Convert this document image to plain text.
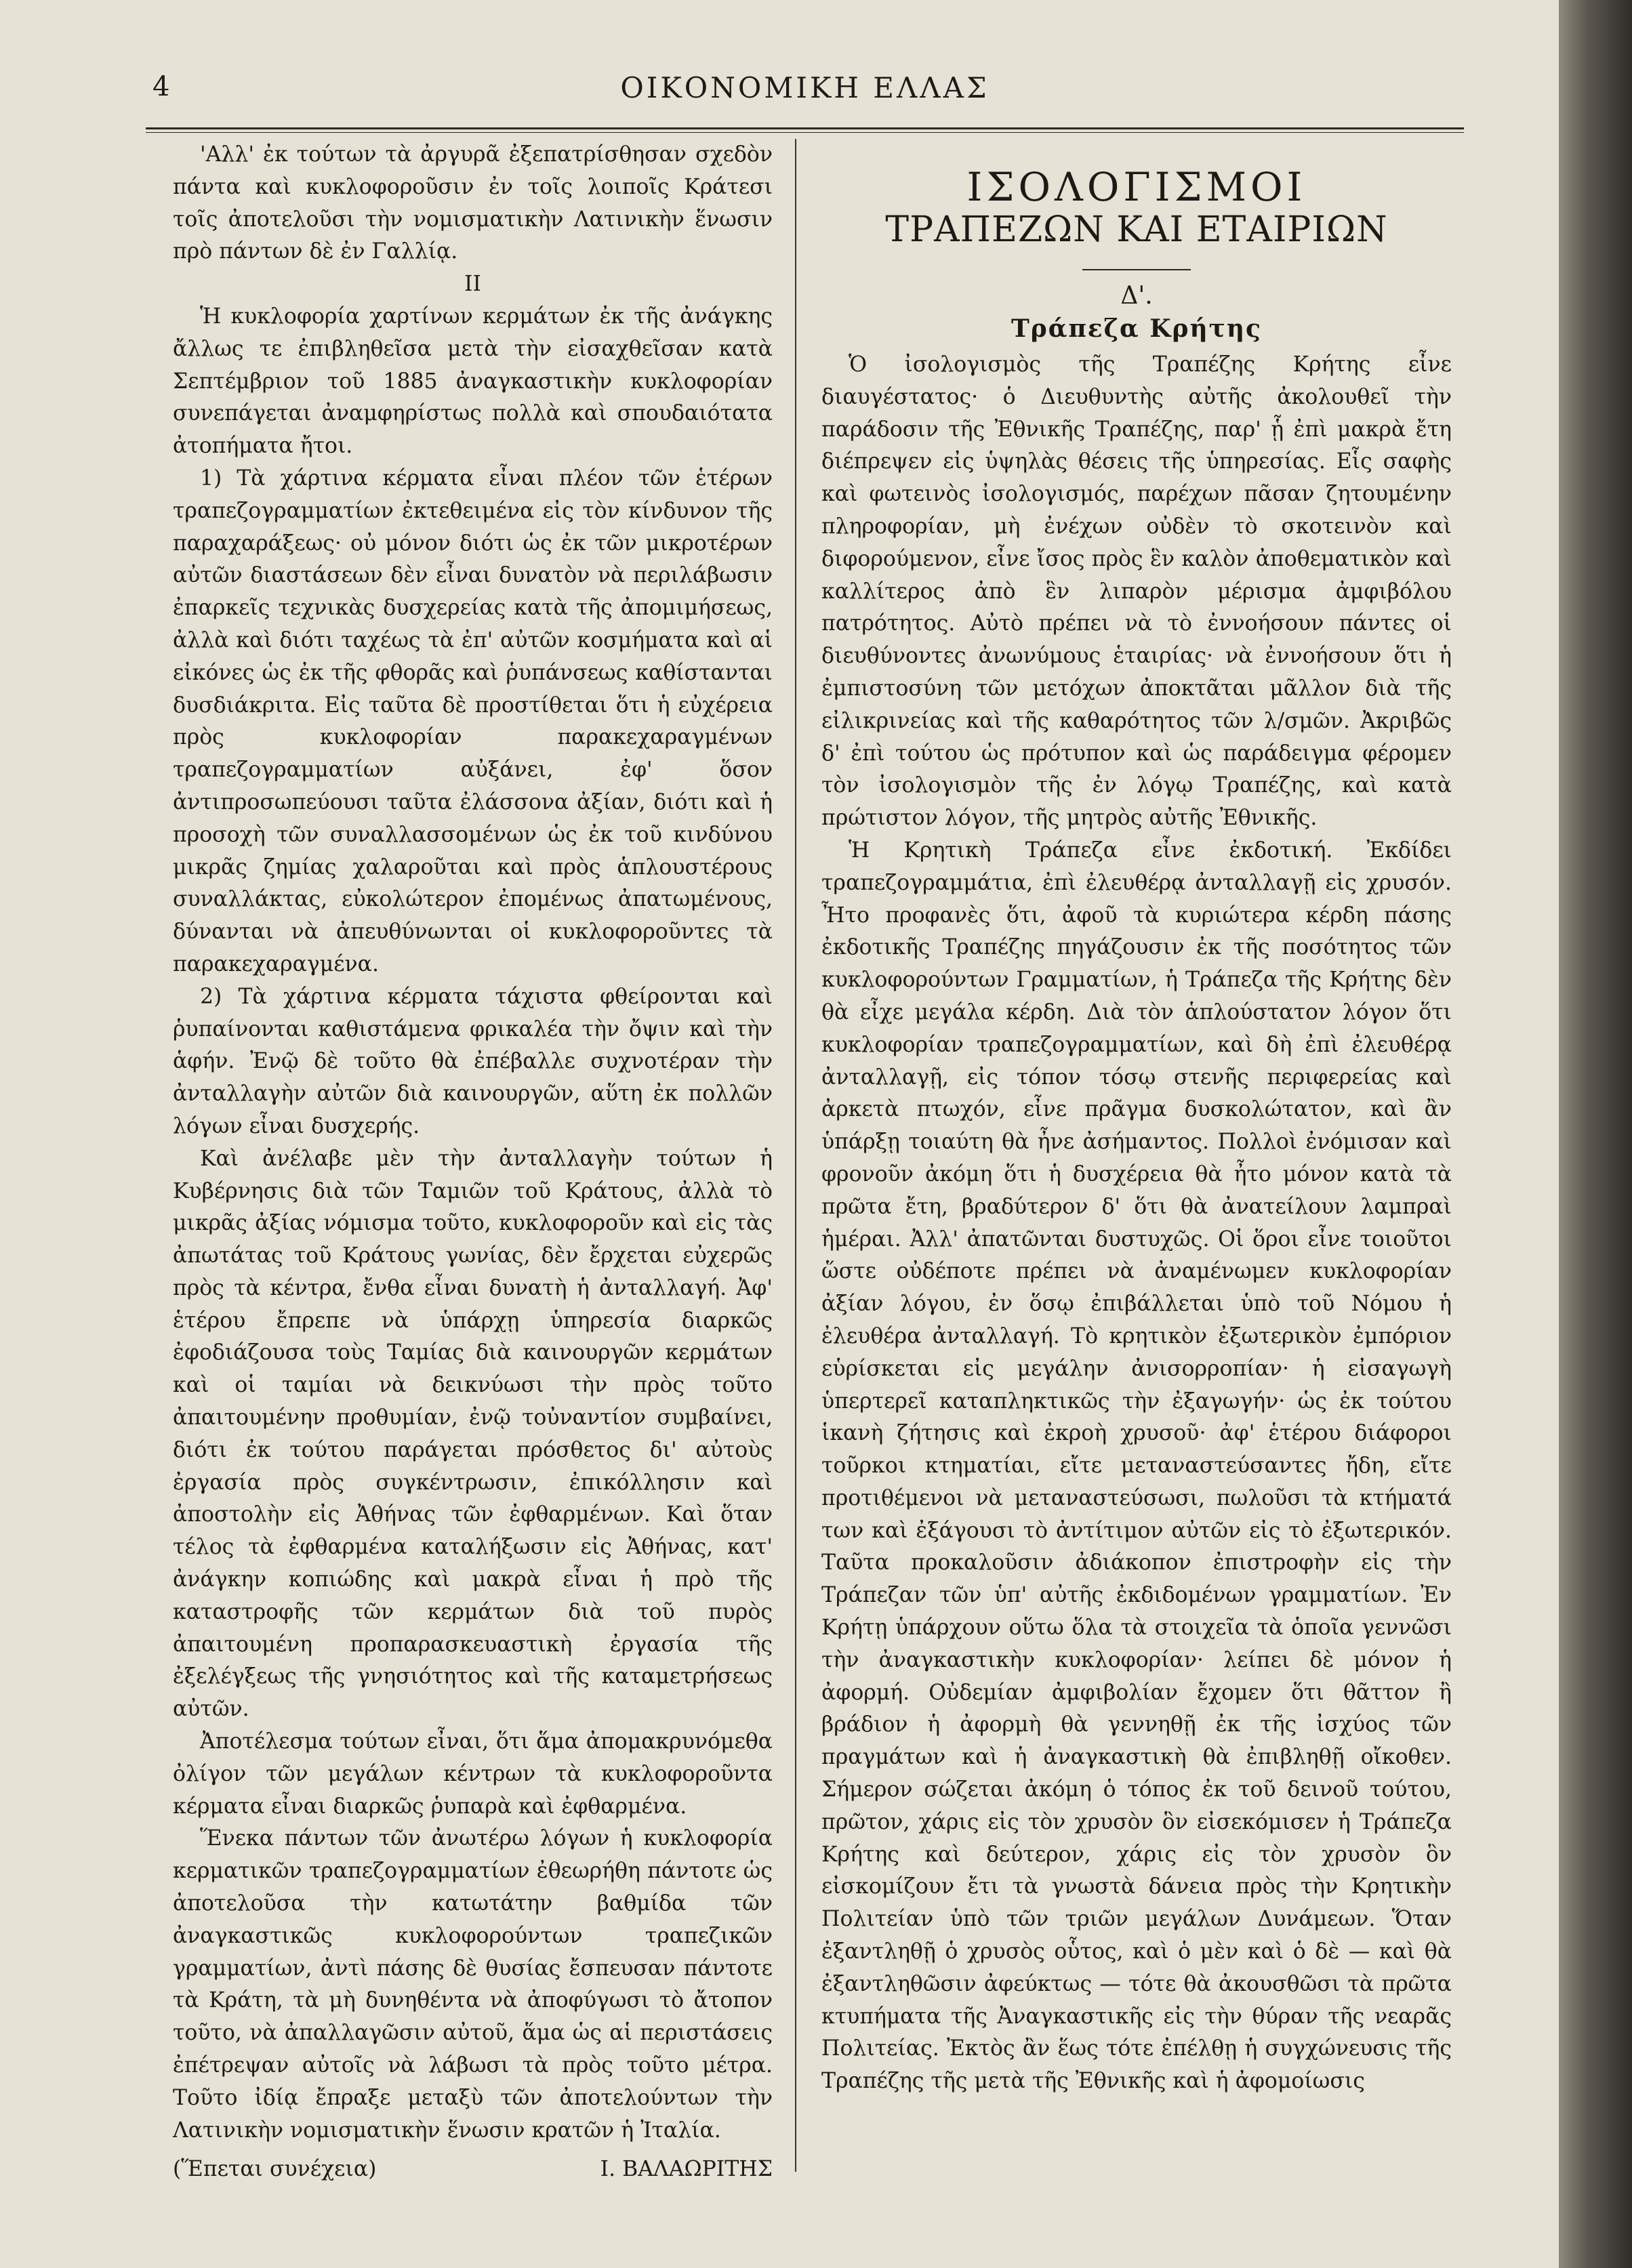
4	ΟΙΚΟΝΟΜΙΚΗ ΕΛΛΑΣ

'Αλλ' ἐκ τούτων τὰ ἀργυρᾶ ἐξεπατρίσθησαν σχεδὸν πάντα καὶ κυκλοφοροῦσιν ἐν τοῖς λοιποῖς Κράτεσι τοῖς ἀποτελοῦσι τὴν νομισματικὴν Λατινικὴν ἕνωσιν πρὸ πάντων δὲ ἐν Γαλλίᾳ.

ΙΙ

Ἡ κυκλοφορία χαρτίνων κερμάτων ἐκ τῆς ἀνάγκης ἄλλως τε ἐπιβληθεῖσα μετὰ τὴν εἰσαχθεῖσαν κατὰ Σεπτέμβριον τοῦ 1885 ἀναγκαστικὴν κυκλοφορίαν συνεπάγεται ἀναμφηρίστως πολλὰ καὶ σπουδαιότατα ἀτοπήματα ἤτοι.

1) Τὰ χάρτινα κέρματα εἶναι πλέον τῶν ἑτέρων τραπεζογραμματίων ἐκτεθειμένα εἰς τὸν κίνδυνον τῆς παραχαράξεως· οὐ μόνον διότι ὡς ἐκ τῶν μικροτέρων αὐτῶν διαστάσεων δὲν εἶναι δυνατὸν νὰ περιλάβωσιν ἐπαρκεῖς τεχνικὰς δυσχερείας κατὰ τῆς ἀπομιμήσεως, ἀλλὰ καὶ διότι ταχέως τὰ ἐπ' αὐτῶν κοσμήματα καὶ αἱ εἰκόνες ὡς ἐκ τῆς φθορᾶς καὶ ῥυπάνσεως καθίστανται δυσδιάκριτα. Εἰς ταῦτα δὲ προστίθεται ὅτι ἡ εὐχέρεια πρὸς κυκλοφορίαν παρακεχαραγμένων τραπεζογραμματίων αὐξάνει, ἐφ' ὅσον ἀντιπροσωπεύουσι ταῦτα ἐλάσσονα ἀξίαν, διότι καὶ ἡ προσοχὴ τῶν συναλλασσομένων ὡς ἐκ τοῦ κινδύνου μικρᾶς ζημίας χαλαροῦται καὶ πρὸς ἁπλουστέρους συναλλάκτας, εὐκολώτερον ἐπομένως ἀπατωμένους, δύνανται νὰ ἀπευθύνωνται οἱ κυκλοφοροῦντες τὰ παρακεχαραγμένα.

2) Τὰ χάρτινα κέρματα τάχιστα φθείρονται καὶ ῥυπαίνονται καθιστάμενα φρικαλέα τὴν ὄψιν καὶ τὴν ἁφήν. Ἐνῷ δὲ τοῦτο θὰ ἐπέβαλλε συχνοτέραν τὴν ἀνταλλαγὴν αὐτῶν διὰ καινουργῶν, αὕτη ἐκ πολλῶν λόγων εἶναι δυσχερής.

Καὶ ἀνέλαβε μὲν τὴν ἀνταλλαγὴν τούτων ἡ Κυβέρνησις διὰ τῶν Ταμιῶν τοῦ Κράτους, ἀλλὰ τὸ μικρᾶς ἀξίας νόμισμα τοῦτο, κυκλοφοροῦν καὶ εἰς τὰς ἀπωτάτας τοῦ Κράτους γωνίας, δὲν ἔρχεται εὐχερῶς πρὸς τὰ κέντρα, ἔνθα εἶναι δυνατὴ ἡ ἀνταλλαγή. Ἀφ' ἑτέρου ἔπρεπε νὰ ὑπάρχῃ ὑπηρεσία διαρκῶς ἐφοδιάζουσα τοὺς Ταμίας διὰ καινουργῶν κερμάτων καὶ οἱ ταμίαι νὰ δεικνύωσι τὴν πρὸς τοῦτο ἀπαιτουμένην προθυμίαν, ἐνῷ τοὐναντίον συμβαίνει, διότι ἐκ τούτου παράγεται πρόσθετος δι' αὐτοὺς ἐργασία πρὸς συγκέντρωσιν, ἐπικόλλησιν καὶ ἀποστολὴν εἰς Ἀθήνας τῶν ἐφθαρμένων. Καὶ ὅταν τέλος τὰ ἐφθαρμένα καταλήξωσιν εἰς Ἀθήνας, κατ' ἀνάγκην κοπιώδης καὶ μακρὰ εἶναι ἡ πρὸ τῆς καταστροφῆς τῶν κερμάτων διὰ τοῦ πυρὸς ἀπαιτουμένη προπαρασκευαστικὴ ἐργασία τῆς ἐξελέγξεως τῆς γνησιότητος καὶ τῆς καταμετρήσεως αὐτῶν.

Ἀποτέλεσμα τούτων εἶναι, ὅτι ἅμα ἀπομακρυνόμεθα ὀλίγον τῶν μεγάλων κέντρων τὰ κυκλοφοροῦντα κέρματα εἶναι διαρκῶς ῥυπαρὰ καὶ ἐφθαρμένα.

Ἕνεκα πάντων τῶν ἀνωτέρω λόγων ἡ κυκλοφορία κερματικῶν τραπεζογραμματίων ἐθεωρήθη πάντοτε ὡς ἀποτελοῦσα τὴν κατωτάτην βαθμίδα τῶν ἀναγκαστικῶς κυκλοφορούντων τραπεζικῶν γραμματίων, ἀντὶ πάσης δὲ θυσίας ἔσπευσαν πάντοτε τὰ Κράτη, τὰ μὴ δυνηθέντα νὰ ἀποφύγωσι τὸ ἄτοπον τοῦτο, νὰ ἀπαλλαγῶσιν αὐτοῦ, ἅμα ὡς αἱ περιστάσεις ἐπέτρεψαν αὐτοῖς νὰ λάβωσι τὰ πρὸς τοῦτο μέτρα. Τοῦτο ἰδίᾳ ἔπραξε μεταξὺ τῶν ἀποτελούντων τὴν Λατινικὴν νομισματικὴν ἕνωσιν κρατῶν ἡ Ἰταλία.

(Ἕπεται συνέχεια)	Ι. ΒΑΛΑΩΡΙΤΗΣ
ΙΣΟΛΟΓΙΣΜΟΙ
ΤΡΑΠΕΖΩΝ ΚΑΙ ΕΤΑΙΡΙΩΝ
Δ'.
Τράπεζα Κρήτης

Ὁ ἰσολογισμὸς τῆς Τραπέζης Κρήτης εἶνε διαυγέστατος· ὁ Διευθυντὴς αὐτῆς ἀκολουθεῖ τὴν παράδοσιν τῆς Ἐθνικῆς Τραπέζης, παρ' ᾗ ἐπὶ μακρὰ ἔτη διέπρεψεν εἰς ὑψηλὰς θέσεις τῆς ὑπηρεσίας. Εἷς σαφὴς καὶ φωτεινὸς ἰσολογισμός, παρέχων πᾶσαν ζητουμένην πληροφορίαν, μὴ ἐνέχων οὐδὲν τὸ σκοτεινὸν καὶ διφορούμενον, εἶνε ἴσος πρὸς ἓν καλὸν ἀποθεματικὸν καὶ καλλίτερος ἀπὸ ἓν λιπαρὸν μέρισμα ἀμφιβόλου πατρότητος. Αὐτὸ πρέπει νὰ τὸ ἐννοήσουν πάντες οἱ διευθύνοντες ἀνωνύμους ἑταιρίας· νὰ ἐννοήσουν ὅτι ἡ ἐμπιστοσύνη τῶν μετόχων ἀποκτᾶται μᾶλλον διὰ τῆς εἰλικρινείας καὶ τῆς καθαρότητος τῶν λ/σμῶν. Ἀκριβῶς δ' ἐπὶ τούτου ὡς πρότυπον καὶ ὡς παράδειγμα φέρομεν τὸν ἰσολογισμὸν τῆς ἐν λόγῳ Τραπέζης, καὶ κατὰ πρώτιστον λόγον, τῆς μητρὸς αὐτῆς Ἐθνικῆς.

Ἡ Κρητικὴ Τράπεζα εἶνε ἐκδοτική. Ἐκδίδει τραπεζογραμμάτια, ἐπὶ ἐλευθέρᾳ ἀνταλλαγῇ εἰς χρυσόν. Ἦτο προφανὲς ὅτι, ἀφοῦ τὰ κυριώτερα κέρδη πάσης ἐκδοτικῆς Τραπέζης πηγάζουσιν ἐκ τῆς ποσότητος τῶν κυκλοφορούντων Γραμματίων, ἡ Τράπεζα τῆς Κρήτης δὲν θὰ εἶχε μεγάλα κέρδη. Διὰ τὸν ἁπλούστατον λόγον ὅτι κυκλοφορίαν τραπεζογραμματίων, καὶ δὴ ἐπὶ ἐλευθέρᾳ ἀνταλλαγῇ, εἰς τόπον τόσῳ στενῆς περιφερείας καὶ ἀρκετὰ πτωχόν, εἶνε πρᾶγμα δυσκολώτατον, καὶ ἂν ὑπάρξῃ τοιαύτη θὰ ἦνε ἀσήμαντος. Πολλοὶ ἐνόμισαν καὶ φρονοῦν ἀκόμη ὅτι ἡ δυσχέρεια θὰ ἦτο μόνον κατὰ τὰ πρῶτα ἔτη, βραδύτερον δ' ὅτι θὰ ἀνατείλουν λαμπραὶ ἡμέραι. Ἀλλ' ἀπατῶνται δυστυχῶς. Οἱ ὅροι εἶνε τοιοῦτοι ὥστε οὐδέποτε πρέπει νὰ ἀναμένωμεν κυκλοφορίαν ἀξίαν λόγου, ἐν ὅσῳ ἐπιβάλλεται ὑπὸ τοῦ Νόμου ἡ ἐλευθέρα ἀνταλλαγή. Τὸ κρητικὸν ἐξωτερικὸν ἐμπόριον εὑρίσκεται εἰς μεγάλην ἀνισορροπίαν· ἡ εἰσαγωγὴ ὑπερτερεῖ καταπληκτικῶς τὴν ἐξαγωγήν· ὡς ἐκ τούτου ἱκανὴ ζήτησις καὶ ἐκροὴ χρυσοῦ· ἀφ' ἑτέρου διάφοροι τοῦρκοι κτηματίαι, εἴτε μεταναστεύσαντες ἤδη, εἴτε προτιθέμενοι νὰ μεταναστεύσωσι, πωλοῦσι τὰ κτήματά των καὶ ἐξάγουσι τὸ ἀντίτιμον αὐτῶν εἰς τὸ ἐξωτερικόν. Ταῦτα προκαλοῦσιν ἀδιάκοπον ἐπιστροφὴν εἰς τὴν Τράπεζαν τῶν ὑπ' αὐτῆς ἐκδιδομένων γραμματίων. Ἐν Κρήτῃ ὑπάρχουν οὕτω ὅλα τὰ στοιχεῖα τὰ ὁποῖα γεννῶσι τὴν ἀναγκαστικὴν κυκλοφορίαν· λείπει δὲ μόνον ἡ ἀφορμή. Οὐδεμίαν ἀμφιβολίαν ἔχομεν ὅτι θᾶττον ἢ βράδιον ἡ ἀφορμὴ θὰ γεννηθῇ ἐκ τῆς ἰσχύος τῶν πραγμάτων καὶ ἡ ἀναγκαστικὴ θὰ ἐπιβληθῇ οἴκοθεν. Σήμερον σώζεται ἀκόμη ὁ τόπος ἐκ τοῦ δεινοῦ τούτου, πρῶτον, χάρις εἰς τὸν χρυσὸν ὃν εἰσεκόμισεν ἡ Τράπεζα Κρήτης καὶ δεύτερον, χάρις εἰς τὸν χρυσὸν ὃν εἰσκομίζουν ἔτι τὰ γνωστὰ δάνεια πρὸς τὴν Κρητικὴν Πολιτείαν ὑπὸ τῶν τριῶν μεγάλων Δυνάμεων. Ὅταν ἐξαντληθῇ ὁ χρυσὸς οὗτος, καὶ ὁ μὲν καὶ ὁ δὲ — καὶ θὰ ἐξαντληθῶσιν ἀφεύκτως — τότε θὰ ἀκουσθῶσι τὰ πρῶτα κτυπήματα τῆς Ἀναγκαστικῆς εἰς τὴν θύραν τῆς νεαρᾶς Πολιτείας. Ἐκτὸς ἂν ἕως τότε ἐπέλθῃ ἡ συγχώνευσις τῆς Τραπέζης τῆς μετὰ τῆς Ἐθνικῆς καὶ ἡ ἀφομοίωσις
